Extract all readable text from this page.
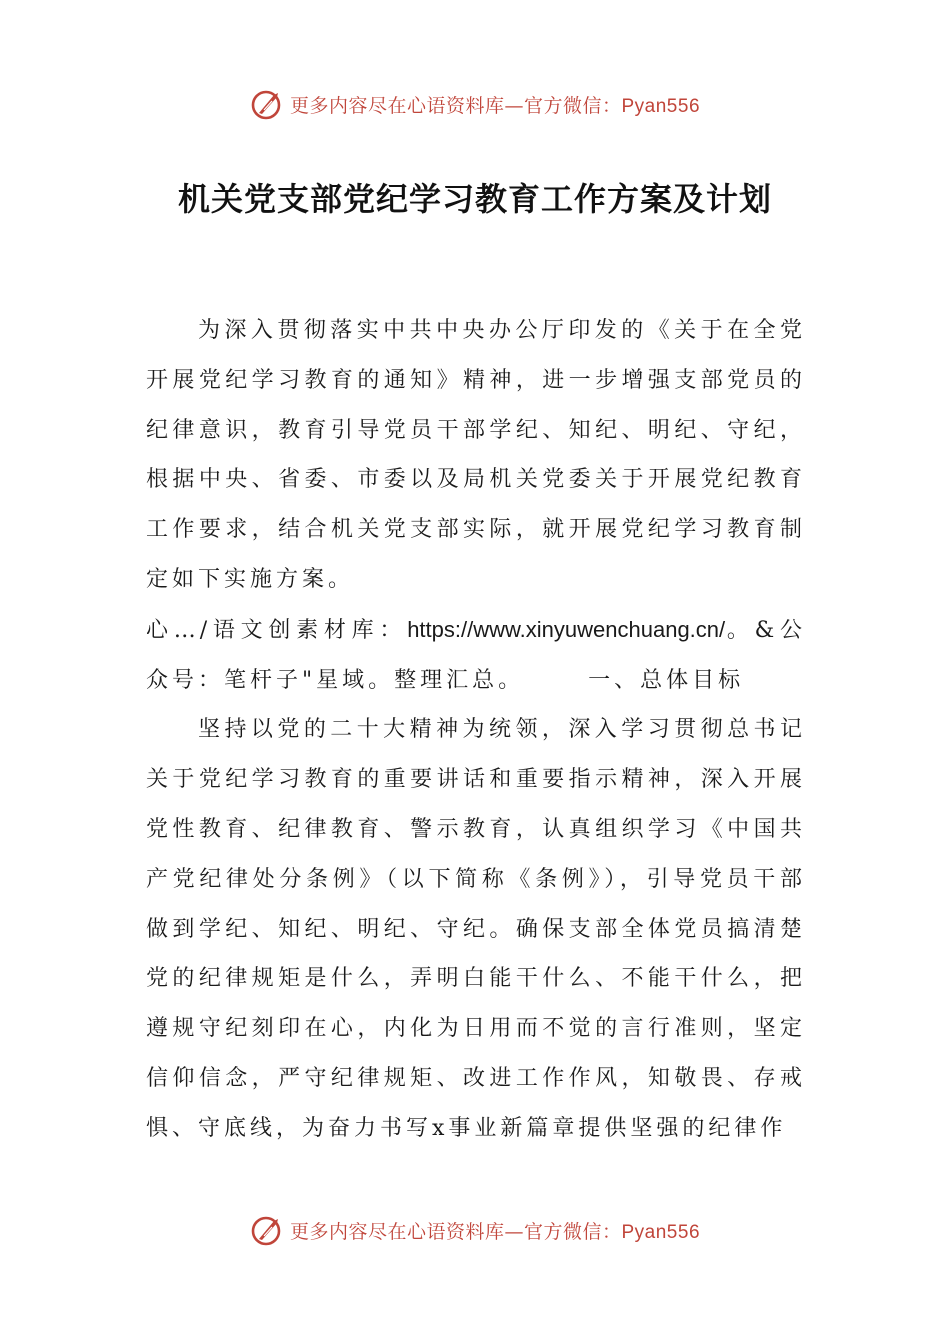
更多内容尽在心语资料库—官方微信：Pyan556
机关党支部党纪学习教育工作方案及计划

为深入贯彻落实中共中央办公厅印发的《关于在全党开展党纪学习教育的通知》精神，进一步增强支部党员的纪律意识，教育引导党员干部学纪、知纪、明纪、守纪，根据中央、省委、市委以及局机关党委关于开展党纪教育工作要求，结合机关党支部实际，就开展党纪学习教育制定如下实施方案。

心…/语文创素材库：https://www.xinyuwenchuang.cn/。&公众号：笔杆子"星域。整理汇总。	一、总体目标

坚持以党的二十大精神为统领，深入学习贯彻总书记关于党纪学习教育的重要讲话和重要指示精神，深入开展党性教育、纪律教育、警示教育，认真组织学习《中国共产党纪律处分条例》（以下简称《条例》），引导党员干部做到学纪、知纪、明纪、守纪。确保支部全体党员搞清楚党的纪律规矩是什么，弄明白能干什么、不能干什么，把遵规守纪刻印在心，内化为日用而不觉的言行准则，坚定信仰信念，严守纪律规矩、改进工作作风，知敬畏、存戒惧、守底线，为奋力书写x事业新篇章提供坚强的纪律作

更多内容尽在心语资料库—官方微信：Pyan556
